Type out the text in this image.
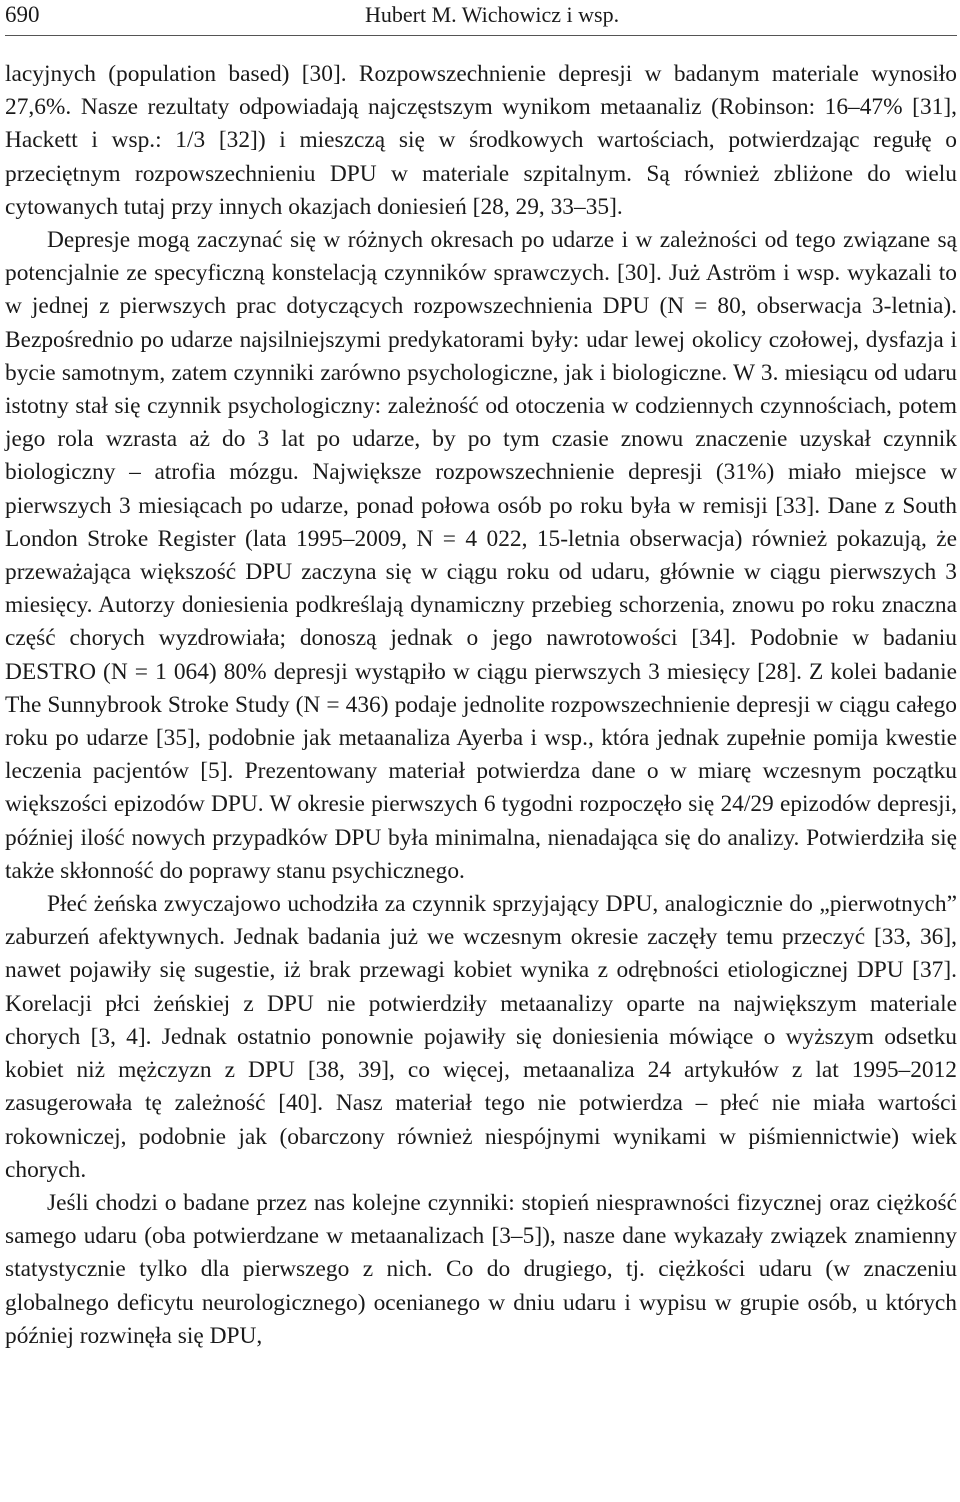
690	Hubert M. Wichowicz i wsp.

lacyjnych (population based) [30]. Rozpowszechnienie depresji w badanym materiale wynosiło 27,6%. Nasze rezultaty odpowiadają najczęstszym wynikom metaanaliz (Robinson: 16–47% [31], Hackett i wsp.: 1/3 [32]) i mieszczą się w środkowych wartościach, potwierdzając regułę o przeciętnym rozpowszechnieniu DPU w materiale szpitalnym. Są również zbliżone do wielu cytowanych tutaj przy innych okazjach doniesień [28, 29, 33–35].

Depresje mogą zaczynać się w różnych okresach po udarze i w zależności od tego związane są potencjalnie ze specyficzną konstelacją czynników sprawczych. [30]. Już Aström i wsp. wykazali to w jednej z pierwszych prac dotyczących rozpowszechnienia DPU (N = 80, obserwacja 3-letnia). Bezpośrednio po udarze najsilniejszymi predykatorami były: udar lewej okolicy czołowej, dysfazja i bycie samotnym, zatem czynniki zarówno psychologiczne, jak i biologiczne. W 3. miesiącu od udaru istotny stał się czynnik psychologiczny: zależność od otoczenia w codziennych czynnościach, potem jego rola wzrasta aż do 3 lat po udarze, by po tym czasie znowu znaczenie uzyskał czynnik biologiczny – atrofia mózgu. Największe rozpowszechnienie depresji (31%) miało miejsce w pierwszych 3 miesiącach po udarze, ponad połowa osób po roku była w remisji [33]. Dane z South London Stroke Register (lata 1995–2009, N = 4 022, 15-letnia obserwacja) również pokazują, że przeważająca większość DPU zaczyna się w ciągu roku od udaru, głównie w ciągu pierwszych 3 miesięcy. Autorzy doniesienia podkreślają dynamiczny przebieg schorzenia, znowu po roku znaczna część chorych wyzdrowiała; donoszą jednak o jego nawrotowości [34]. Podobnie w badaniu DESTRO (N = 1 064) 80% depresji wystąpiło w ciągu pierwszych 3 miesięcy [28]. Z kolei badanie The Sunnybrook Stroke Study (N = 436) podaje jednolite rozpowszechnienie depresji w ciągu całego roku po udarze [35], podobnie jak metaanaliza Ayerba i wsp., która jednak zupełnie pomija kwestie leczenia pacjentów [5]. Prezentowany materiał potwierdza dane o w miarę wczesnym początku większości epizodów DPU. W okresie pierwszych 6 tygodni rozpoczęło się 24/29 epizodów depresji, później ilość nowych przypadków DPU była minimalna, nienadająca się do analizy. Potwierdziła się także skłonność do poprawy stanu psychicznego.

Płeć żeńska zwyczajowo uchodziła za czynnik sprzyjający DPU, analogicznie do „pierwotnych” zaburzeń afektywnych. Jednak badania już we wczesnym okresie zaczęły temu przeczyć [33, 36], nawet pojawiły się sugestie, iż brak przewagi kobiet wynika z odrębności etiologicznej DPU [37]. Korelacji płci żeńskiej z DPU nie potwierdziły metaanalizy oparte na największym materiale chorych [3, 4]. Jednak ostatnio ponownie pojawiły się doniesienia mówiące o wyższym odsetku kobiet niż mężczyzn z DPU [38, 39], co więcej, metaanaliza 24 artykułów z lat 1995–2012 zasugerowała tę zależność [40]. Nasz materiał tego nie potwierdza – płeć nie miała wartości rokowniczej, podobnie jak (obarczony również niespójnymi wynikami w piśmiennictwie) wiek chorych.

Jeśli chodzi o badane przez nas kolejne czynniki: stopień niesprawności fizycznej oraz ciężkość samego udaru (oba potwierdzane w metaanalizach [3–5]), nasze dane wykazały związek znamienny statystycznie tylko dla pierwszego z nich. Co do drugiego, tj. ciężkości udaru (w znaczeniu globalnego deficytu neurologicznego) ocenianego w dniu udaru i wypisu w grupie osób, u których później rozwinęła się DPU,
